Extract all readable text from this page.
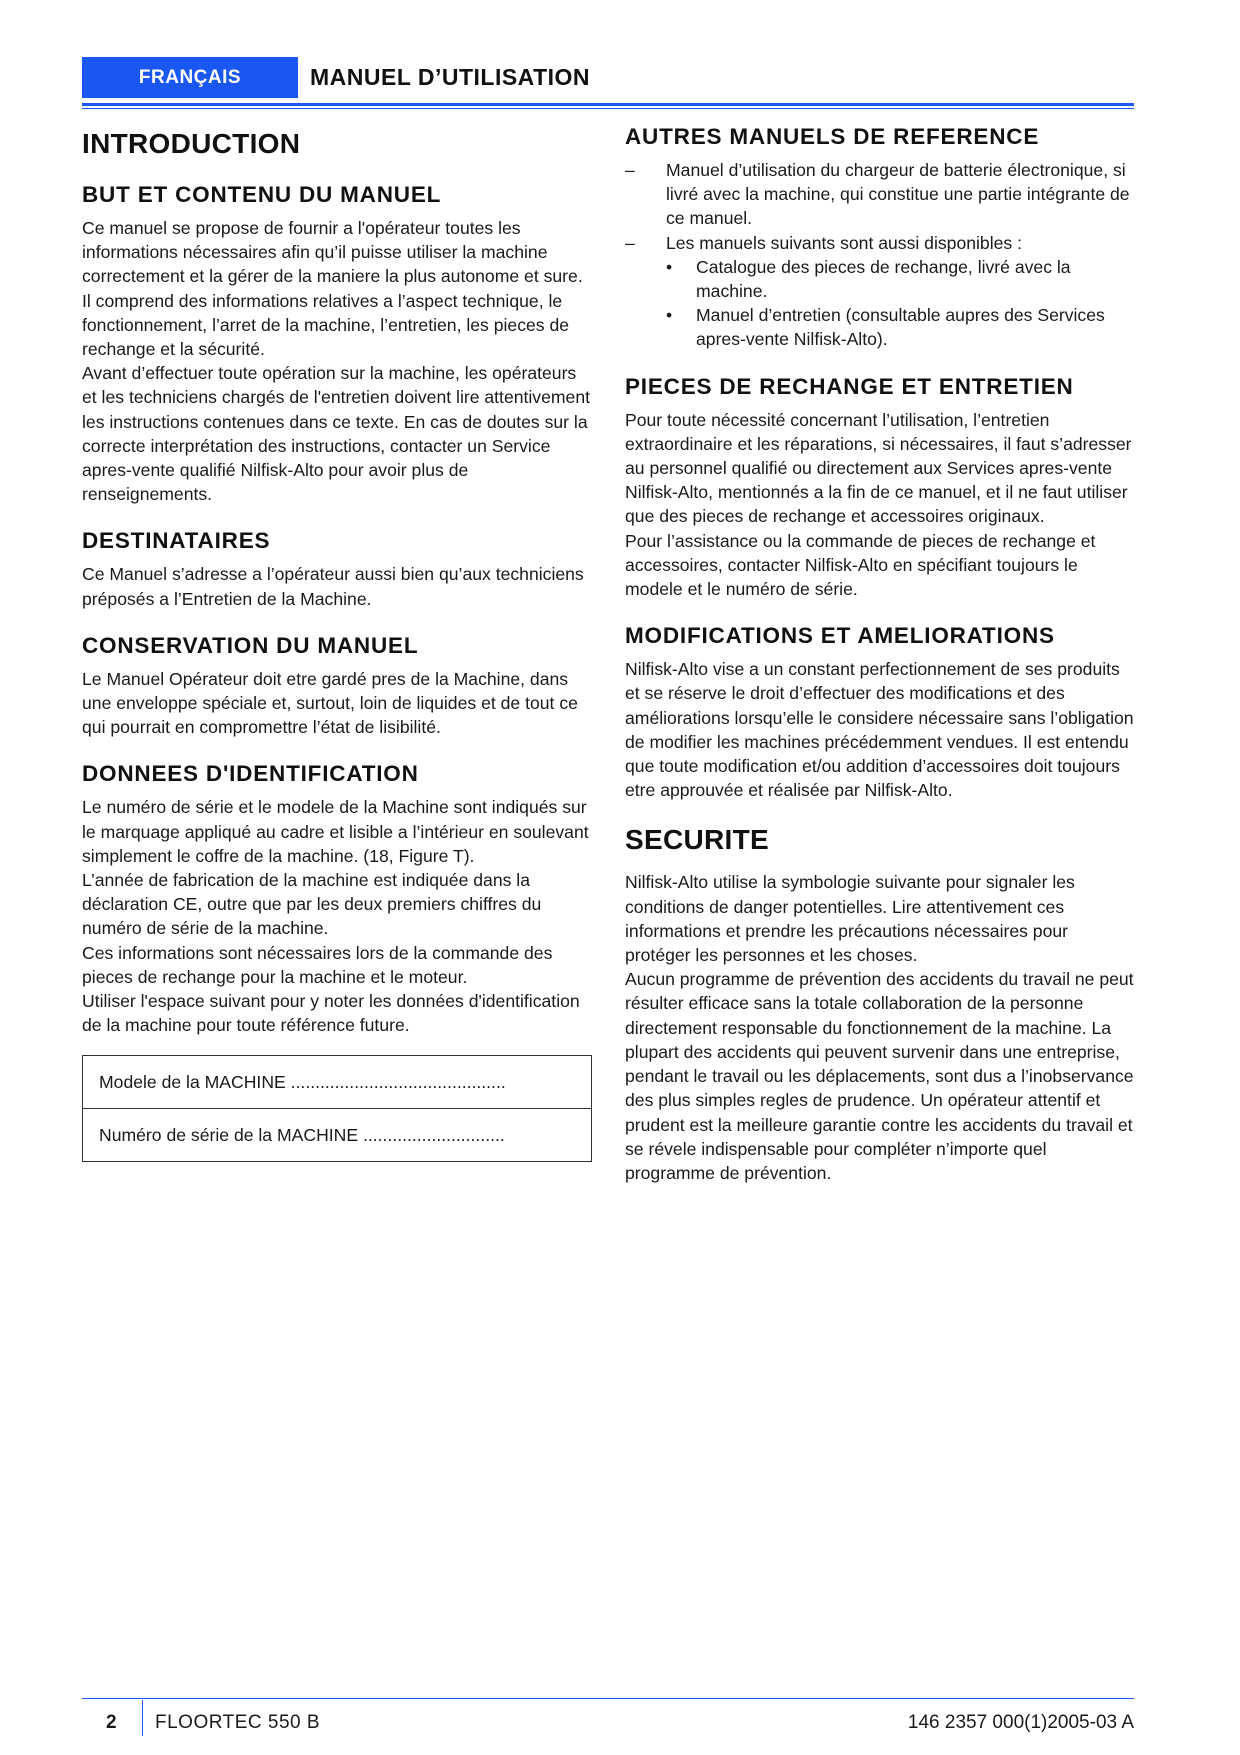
FRANÇAIS	MANUEL D’UTILISATION
INTRODUCTION
BUT ET CONTENU DU MANUEL

Ce manuel se propose de fournir a l'opérateur toutes les informations nécessaires afin qu’il puisse utiliser la machine correctement et la gérer de la maniere la plus autonome et sure. Il comprend des informations relatives a l’aspect technique, le fonctionnement, l’arret de la machine, l’entretien, les pieces de rechange et la sécurité.

Avant d’effectuer toute opération sur la machine, les opérateurs et les techniciens chargés de l'entretien doivent lire attentivement les instructions contenues dans ce texte. En cas de doutes sur la correcte interprétation des instructions, contacter un Service apres-vente qualifié Nilfisk-Alto pour avoir plus de renseignements.

DESTINATAIRES

Ce Manuel s’adresse a l’opérateur aussi bien qu’aux techniciens préposés a l’Entretien de la Machine.

CONSERVATION DU MANUEL

Le Manuel Opérateur doit etre gardé pres de la Machine, dans une enveloppe spéciale et, surtout, loin de liquides et de tout ce qui pourrait en compromettre l’état de lisibilité.

DONNEES D'IDENTIFICATION

Le numéro de série et le modele de la Machine sont indiqués sur le marquage appliqué au cadre et lisible a l’intérieur en soulevant simplement le coffre de la machine. (18, Figure T).

L’année de fabrication de la machine est indiquée dans la déclaration CE, outre que par les deux premiers chiffres du numéro de série de la machine.

Ces informations sont nécessaires lors de la commande des pieces de rechange pour la machine et le moteur.

Utiliser l'espace suivant pour y noter les données d'identification de la machine pour toute référence future.

Modele de la MACHINE ............................................
Numéro de série de la MACHINE .............................
AUTRES MANUELS DE REFERENCE
– Manuel d’utilisation du chargeur de batterie électronique, si livré avec la machine, qui constitue une partie intégrante de ce manuel.
– Les manuels suivants sont aussi disponibles :
• Catalogue des pieces de rechange, livré avec la machine.
• Manuel d’entretien (consultable aupres des Services apres-vente Nilfisk-Alto).
PIECES DE RECHANGE ET ENTRETIEN

Pour toute nécessité concernant l’utilisation, l’entretien extraordinaire et les réparations, si nécessaires, il faut s’adresser au personnel qualifié ou directement aux Services apres-vente Nilfisk-Alto, mentionnés a la fin de ce manuel, et il ne faut utiliser que des pieces de rechange et accessoires originaux.

Pour l’assistance ou la commande de pieces de rechange et accessoires, contacter Nilfisk-Alto en spécifiant toujours le modele et le numéro de série.

MODIFICATIONS ET AMELIORATIONS

Nilfisk-Alto vise a un constant perfectionnement de ses produits et se réserve le droit d’effectuer des modifications et des améliorations lorsqu’elle le considere nécessaire sans l’obligation de modifier les machines précédemment vendues. Il est entendu que toute modification et/ou addition d’accessoires doit toujours etre approuvée et réalisée par Nilfisk-Alto.

SECURITE

Nilfisk-Alto utilise la symbologie suivante pour signaler les conditions de danger potentielles. Lire attentivement ces informations et prendre les précautions nécessaires pour protéger les personnes et les choses.

Aucun programme de prévention des accidents du travail ne peut résulter efficace sans la totale collaboration de la personne directement responsable du fonctionnement de la machine. La plupart des accidents qui peuvent survenir dans une entreprise, pendant le travail ou les déplacements, sont dus a l’inobservance des plus simples regles de prudence. Un opérateur attentif et prudent est la meilleure garantie contre les accidents du travail et se révele indispensable pour compléter n’importe quel programme de prévention.

2 FLOORTEC 550 B	146 2357 000(1)2005-03 A
